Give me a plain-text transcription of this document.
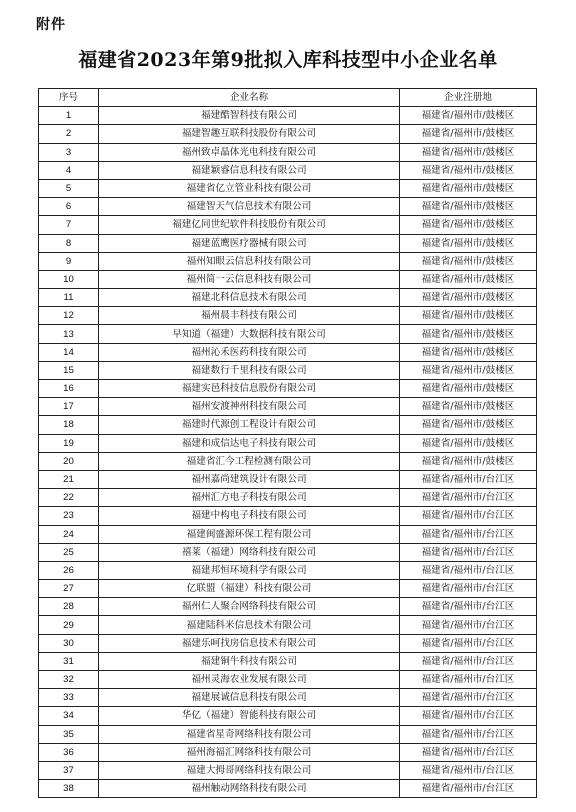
附件
福建省2023年第9批拟入库科技型中小企业名单
序号	企业名称	企业注册地
1	福建酷智科技有限公司	福建省/福州市/鼓楼区
2	福建智趣互联科技股份有限公司	福建省/福州市/鼓楼区
3	福州致卓晶体光电科技有限公司	福建省/福州市/鼓楼区
4	福建颖睿信息科技有限公司	福建省/福州市/鼓楼区
5	福建省亿立管业科技有限公司	福建省/福州市/鼓楼区
6	福建智天气信息技术有限公司	福建省/福州市/鼓楼区
7	福建亿同世纪软件科技股份有限公司	福建省/福州市/鼓楼区
8	福建蓝鹰医疗器械有限公司	福建省/福州市/鼓楼区
9	福州知眼云信息科技有限公司	福建省/福州市/鼓楼区
10	福州简一云信息科技有限公司	福建省/福州市/鼓楼区
11	福建北科信息技术有限公司	福建省/福州市/鼓楼区
12	福州晨丰科技有限公司	福建省/福州市/鼓楼区
13	早知道（福建）大数据科技有限公司	福建省/福州市/鼓楼区
14	福州沁禾医药科技有限公司	福建省/福州市/鼓楼区
15	福建数行千里科技有限公司	福建省/福州市/鼓楼区
16	福建实邑科技信息股份有限公司	福建省/福州市/鼓楼区
17	福州安渡神州科技有限公司	福建省/福州市/鼓楼区
18	福建时代源创工程设计有限公司	福建省/福州市/鼓楼区
19	福建和成信达电子科技有限公司	福建省/福州市/鼓楼区
20	福建省汇今工程检测有限公司	福建省/福州市/鼓楼区
21	福州嘉尚建筑设计有限公司	福建省/福州市/台江区
22	福州汇方电子科技有限公司	福建省/福州市/台江区
23	福建中构电子科技有限公司	福建省/福州市/台江区
24	福建闽盛源环保工程有限公司	福建省/福州市/台江区
25	禧莱（福建）网络科技有限公司	福建省/福州市/台江区
26	福建邦恒环境科学有限公司	福建省/福州市/台江区
27	亿联盟（福建）科技有限公司	福建省/福州市/台江区
28	福州仁人聚合网络科技有限公司	福建省/福州市/台江区
29	福建陆科米信息技术有限公司	福建省/福州市/台江区
30	福建乐呵找房信息技术有限公司	福建省/福州市/台江区
31	福建铜牛科技有限公司	福建省/福州市/台江区
32	福州灵海农业发展有限公司	福建省/福州市/台江区
33	福建展诚信息科技有限公司	福建省/福州市/台江区
34	华亿（福建）智能科技有限公司	福建省/福州市/台江区
35	福建省星奇网络科技有限公司	福建省/福州市/台江区
36	福州海福汇网络科技有限公司	福建省/福州市/台江区
37	福建大拇哥网络科技有限公司	福建省/福州市/台江区
38	福州触动网络科技有限公司	福建省/福州市/台江区
